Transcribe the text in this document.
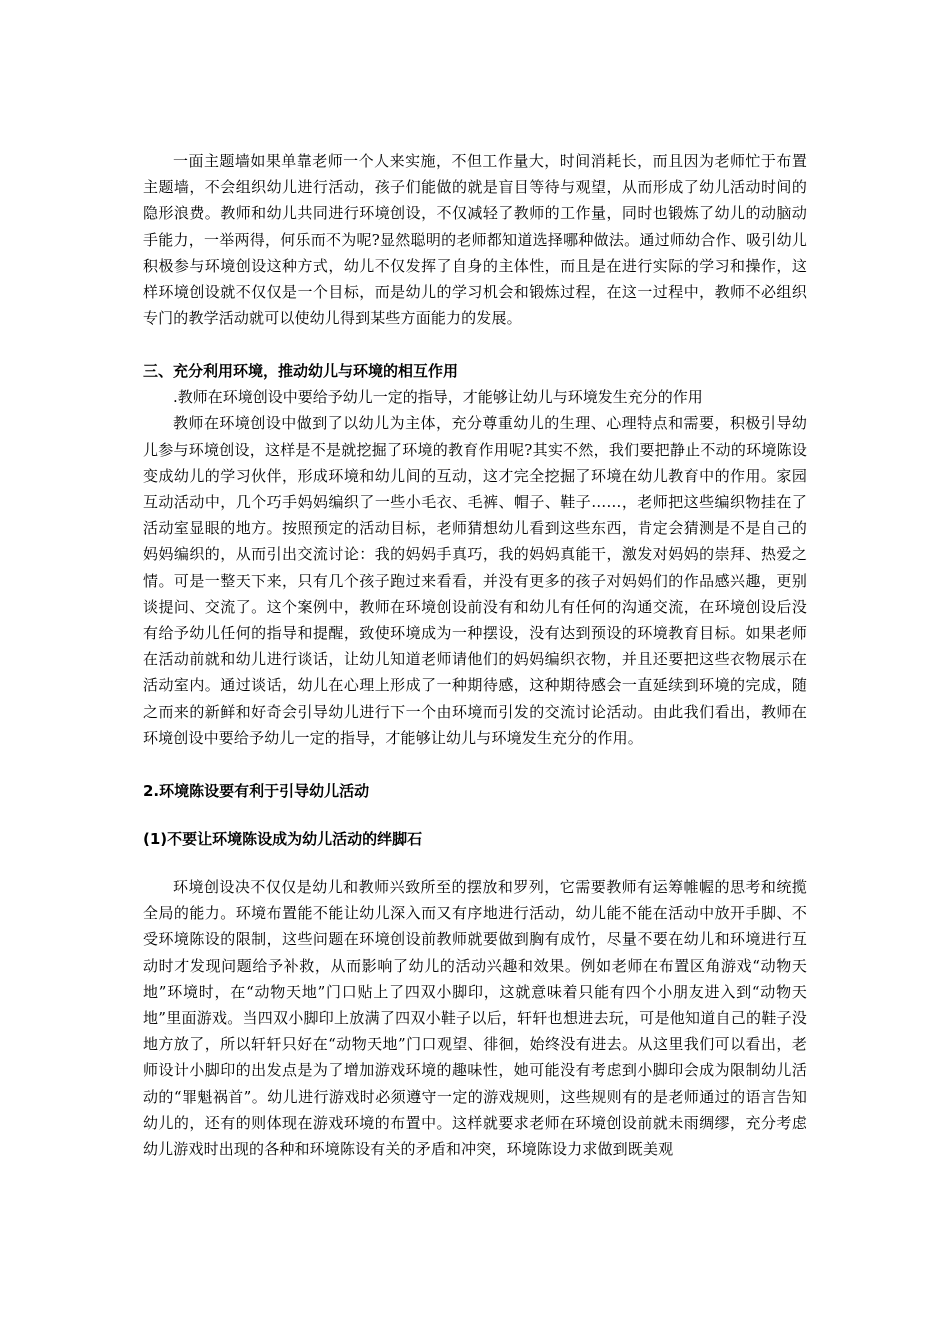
一面主题墙如果单靠老师一个人来实施，不但工作量大，时间消耗长，而且因为老师忙于布置主题墙，不会组织幼儿进行活动，孩子们能做的就是盲目等待与观望，从而形成了幼儿活动时间的隐形浪费。教师和幼儿共同进行环境创设，不仅减轻了教师的工作量，同时也锻炼了幼儿的动脑动手能力，一举两得，何乐而不为呢?显然聪明的老师都知道选择哪种做法。通过师幼合作、吸引幼儿积极参与环境创设这种方式，幼儿不仅发挥了自身的主体性，而且是在进行实际的学习和操作，这样环境创设就不仅仅是一个目标，而是幼儿的学习机会和锻炼过程，在这一过程中，教师不必组织专门的教学活动就可以使幼儿得到某些方面能力的发展。

三、充分利用环境，推动幼儿与环境的相互作用

.教师在环境创设中要给予幼儿一定的指导，才能够让幼儿与环境发生充分的作用

教师在环境创设中做到了以幼儿为主体，充分尊重幼儿的生理、心理特点和需要，积极引导幼儿参与环境创设，这样是不是就挖掘了环境的教育作用呢?其实不然，我们要把静止不动的环境陈设变成幼儿的学习伙伴，形成环境和幼儿间的互动，这才完全挖掘了环境在幼儿教育中的作用。家园互动活动中，几个巧手妈妈编织了一些小毛衣、毛裤、帽子、鞋子……，老师把这些编织物挂在了活动室显眼的地方。按照预定的活动目标，老师猜想幼儿看到这些东西，肯定会猜测是不是自己的妈妈编织的，从而引出交流讨论：我的妈妈手真巧，我的妈妈真能干，激发对妈妈的崇拜、热爱之情。可是一整天下来，只有几个孩子跑过来看看，并没有更多的孩子对妈妈们的作品感兴趣，更别谈提问、交流了。这个案例中，教师在环境创设前没有和幼儿有任何的沟通交流，在环境创设后没有给予幼儿任何的指导和提醒，致使环境成为一种摆设，没有达到预设的环境教育目标。如果老师在活动前就和幼儿进行谈话，让幼儿知道老师请他们的妈妈编织衣物，并且还要把这些衣物展示在活动室内。通过谈话，幼儿在心理上形成了一种期待感，这种期待感会一直延续到环境的完成，随之而来的新鲜和好奇会引导幼儿进行下一个由环境而引发的交流讨论活动。由此我们看出，教师在环境创设中要给予幼儿一定的指导，才能够让幼儿与环境发生充分的作用。

2.环境陈设要有利于引导幼儿活动

(1)不要让环境陈设成为幼儿活动的绊脚石

环境创设决不仅仅是幼儿和教师兴致所至的摆放和罗列，它需要教师有运筹帷幄的思考和统揽全局的能力。环境布置能不能让幼儿深入而又有序地进行活动，幼儿能不能在活动中放开手脚、不受环境陈设的限制，这些问题在环境创设前教师就要做到胸有成竹，尽量不要在幼儿和环境进行互动时才发现问题给予补救，从而影响了幼儿的活动兴趣和效果。例如老师在布置区角游戏“动物天地”环境时，在“动物天地”门口贴上了四双小脚印，这就意味着只能有四个小朋友进入到“动物天地”里面游戏。当四双小脚印上放满了四双小鞋子以后，轩轩也想进去玩，可是他知道自己的鞋子没地方放了，所以轩轩只好在“动物天地”门口观望、徘徊，始终没有进去。从这里我们可以看出，老师设计小脚印的出发点是为了增加游戏环境的趣味性，她可能没有考虑到小脚印会成为限制幼儿活动的“罪魁祸首”。幼儿进行游戏时必须遵守一定的游戏规则，这些规则有的是老师通过的语言告知幼儿的，还有的则体现在游戏环境的布置中。这样就要求老师在环境创设前就未雨绸缪，充分考虑幼儿游戏时出现的各种和环境陈设有关的矛盾和冲突，环境陈设力求做到既美观
